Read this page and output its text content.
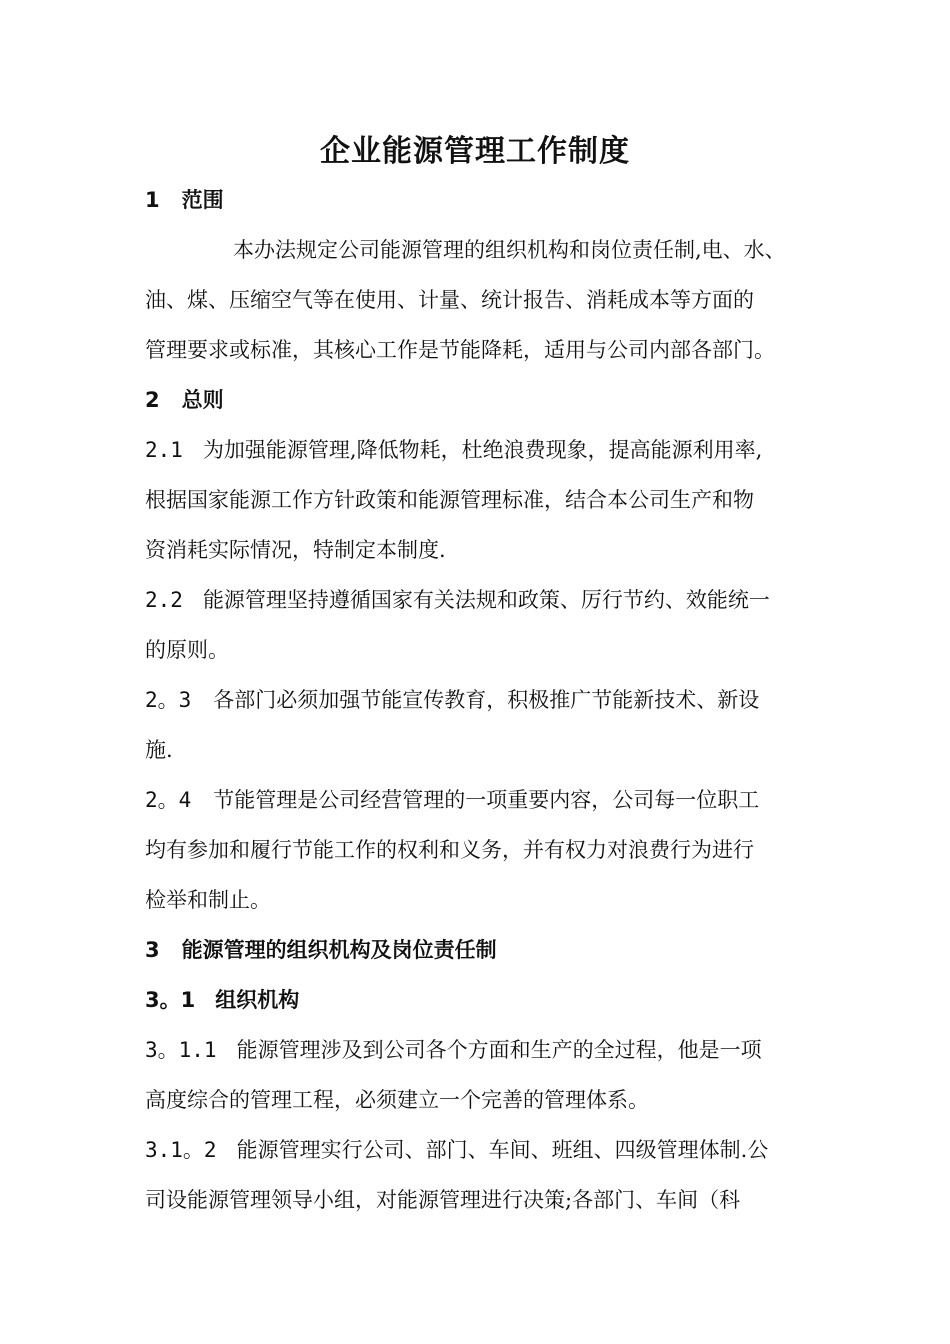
企业能源管理工作制度
1 范围
本办法规定公司能源管理的组织机构和岗位责任制,电、水、
油、煤、压缩空气等在使用、计量、统计报告、消耗成本等方面的
管理要求或标准，其核心工作是节能降耗，适用与公司内部各部门。
2 总则
2.1 为加强能源管理,降低物耗，杜绝浪费现象，提高能源利用率,
根据国家能源工作方针政策和能源管理标准，结合本公司生产和物
资消耗实际情况，特制定本制度.
2.2 能源管理坚持遵循国家有关法规和政策、厉行节约、效能统一
的原则。
2。3 各部门必须加强节能宣传教育，积极推广节能新技术、新设
施.
2。4 节能管理是公司经营管理的一项重要内容，公司每一位职工
均有参加和履行节能工作的权利和义务，并有权力对浪费行为进行
检举和制止。
3 能源管理的组织机构及岗位责任制
3。1 组织机构
3。1.1 能源管理涉及到公司各个方面和生产的全过程，他是一项
高度综合的管理工程，必须建立一个完善的管理体系。
3.1。2 能源管理实行公司、部门、车间、班组、四级管理体制.公
司设能源管理领导小组，对能源管理进行决策;各部门、车间（科
